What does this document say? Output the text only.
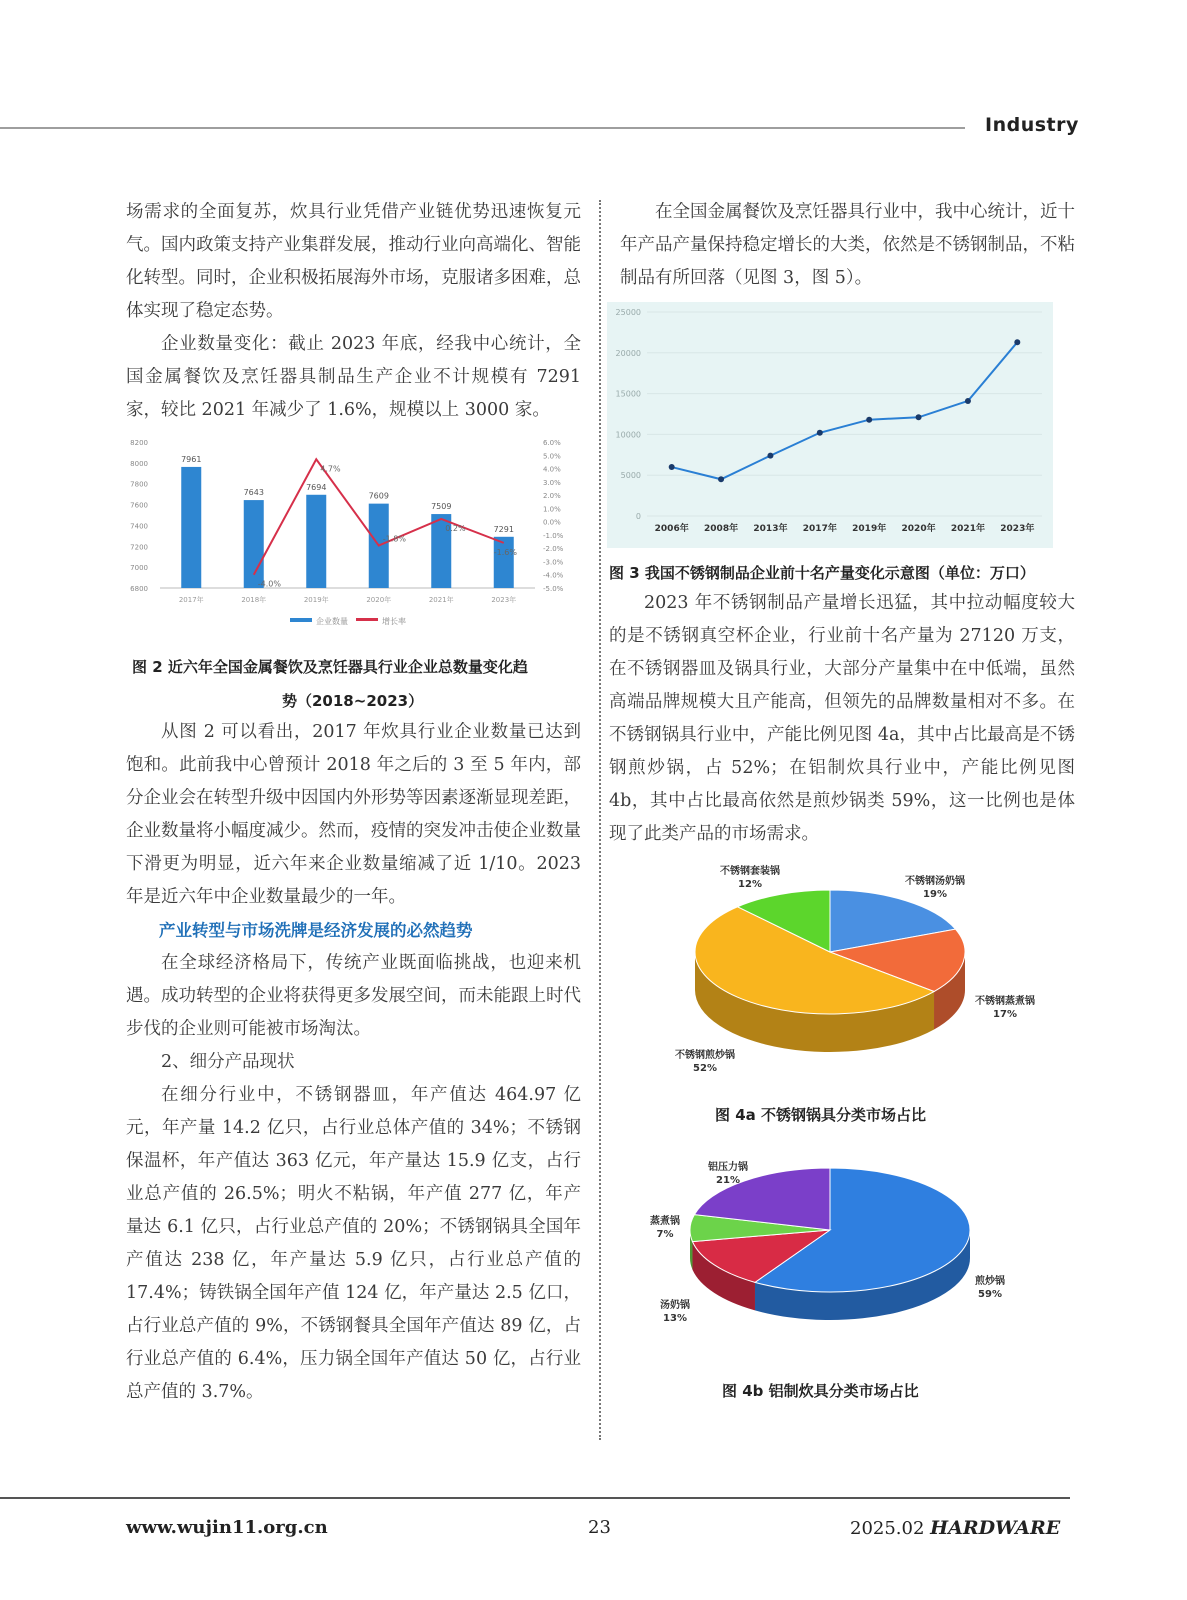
Industry

场需求的全面复苏，炊具行业凭借产业链优势迅速恢复元气。国内政策支持产业集群发展，推动行业向高端化、智能化转型。同时，企业积极拓展海外市场，克服诸多困难，总体实现了稳定态势。

企业数量变化：截止 2023 年底，经我中心统计，全国金属餐饮及烹饪器具制品生产企业不计规模有 7291 家，较比 2021 年减少了 1.6%，规模以上 3000 家。

6800
7000
7200
7400
7600
7800
8000
8200
-5.0%
-4.0%
-3.0%
-2.0%
-1.0%
0.0%
1.0%
2.0%
3.0%
4.0%
5.0%
6.0%
7961
2017年
7643
2018年
7694
2019年
7609
2020年
7509
2021年
7291
2023年
-4.0%
4.7%
-1.8%
0.2%
-1.6%
企业数量	增长率
图 2 近六年全国金属餐饮及烹饪器具行业企业总数量变化趋
势（2018~2023）

从图 2 可以看出，2017 年炊具行业企业数量已达到饱和。此前我中心曾预计 2018 年之后的 3 至 5 年内，部分企业会在转型升级中因国内外形势等因素逐渐显现差距，企业数量将小幅度减少。然而，疫情的突发冲击使企业数量下滑更为明显，近六年来企业数量缩减了近 1/10。2023 年是近六年中企业数量最少的一年。

产业转型与市场洗牌是经济发展的必然趋势

在全球经济格局下，传统产业既面临挑战，也迎来机遇。成功转型的企业将获得更多发展空间，而未能跟上时代步伐的企业则可能被市场淘汰。

2、细分产品现状

在细分行业中，不锈钢器皿，年产值达 464.97 亿元，年产量 14.2 亿只，占行业总体产值的 34%；不锈钢保温杯，年产值达 363 亿元，年产量达 15.9 亿支，占行业总产值的 26.5%；明火不粘锅，年产值 277 亿，年产量达 6.1 亿只，占行业总产值的 20%；不锈钢锅具全国年产值达 238 亿，年产量达 5.9 亿只，占行业总产值的 17.4%；铸铁锅全国年产值 124 亿，年产量达 2.5 亿口，占行业总产值的 9%，不锈钢餐具全国年产值达 89 亿，占行业总产值的 6.4%，压力锅全国年产值达 50 亿，占行业总产值的 3.7%。

在全国金属餐饮及烹饪器具行业中，我中心统计，近十年产品产量保持稳定增长的大类，依然是不锈钢制品，不粘制品有所回落（见图 3，图 5）。

0
5000
10000
15000
20000
25000
2006年 2008年 2013年 2017年 2019年 2020年 2021年 2023年
图 3 我国不锈钢制品企业前十名产量变化示意图（单位：万口）

2023 年不锈钢制品产量增长迅猛，其中拉动幅度较大的是不锈钢真空杯企业，行业前十名产量为 27120 万支，在不锈钢器皿及锅具行业，大部分产量集中在中低端，虽然高端品牌规模大且产能高，但领先的品牌数量相对不多。在不锈钢锅具行业中，产能比例见图 4a，其中占比最高是不锈钢煎炒锅，占 52%；在铝制炊具行业中，产能比例见图 4b，其中占比最高依然是煎炒锅类 59%，这一比例也是体现了此类产品的市场需求。

不锈钢汤奶锅
19%
不锈钢蒸煮锅
17%
不锈钢煎炒锅
52%
不锈钢套装锅
12%
图 4a 不锈钢锅具分类市场占比
煎炒锅
59%
汤奶锅
13%
蒸煮锅
7%
铝压力锅
21%
图 4b 铝制炊具分类市场占比
www.wujin11.org.cn	23	2025.02 HARDWARE
